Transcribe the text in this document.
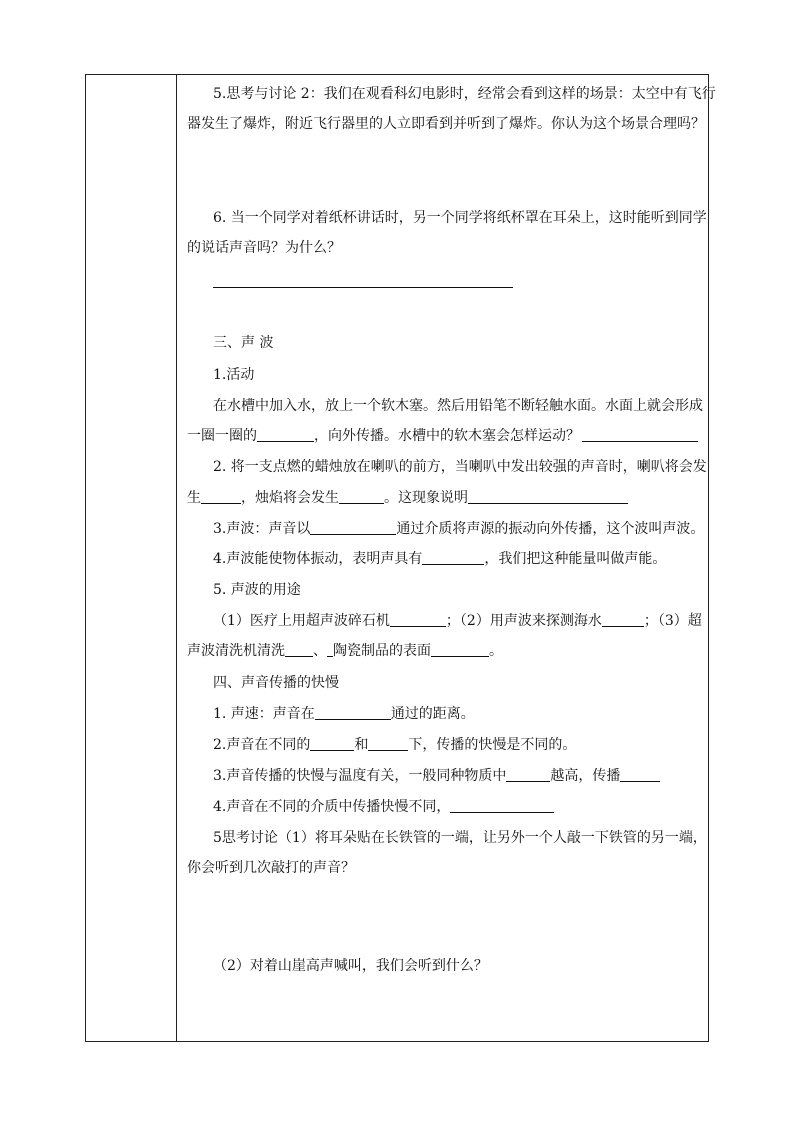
5.思考与讨论 2：我们在观看科幻电影时，经常会看到这样的场景：太空中有飞行
器发生了爆炸，附近飞行器里的人立即看到并听到了爆炸。你认为这个场景合理吗？
6. 当一个同学对着纸杯讲话时，另一个同学将纸杯罩在耳朵上，这时能听到同学
的说话声音吗？为什么？
三、声 波
1.活动
在水槽中加入水，放上一个软木塞。然后用铅笔不断轻触水面。水面上就会形成
一圈一圈的	，向外传播。水槽中的软木塞会怎样运动？
2. 将一支点燃的蜡烛放在喇叭的前方，当喇叭中发出较强的声音时，喇叭将会发
生	，烛焰将会发生	。这现象说明
3.声波：声音以	通过介质将声源的振动向外传播，这个波叫声波。
4.声波能使物体振动，表明声具有	，我们把这种能量叫做声能。
5. 声波的用途
（1）医疗上用超声波碎石机	；（2）用声波来探测海水	；（3）超
声波清洗机清洗 、 陶瓷制品的表面	。
四、声音传播的快慢
1. 声速：声音在	通过的距离。
2.声音在不同的	和	下，传播的快慢是不同的。
3.声音传播的快慢与温度有关，一般同种物质中	越高，传播
4.声音在不同的介质中传播快慢不同，
5思考讨论（1）将耳朵贴在长铁管的一端，让另外一个人敲一下铁管的另一端，
你会听到几次敲打的声音？
（2）对着山崖高声喊叫，我们会听到什么？
